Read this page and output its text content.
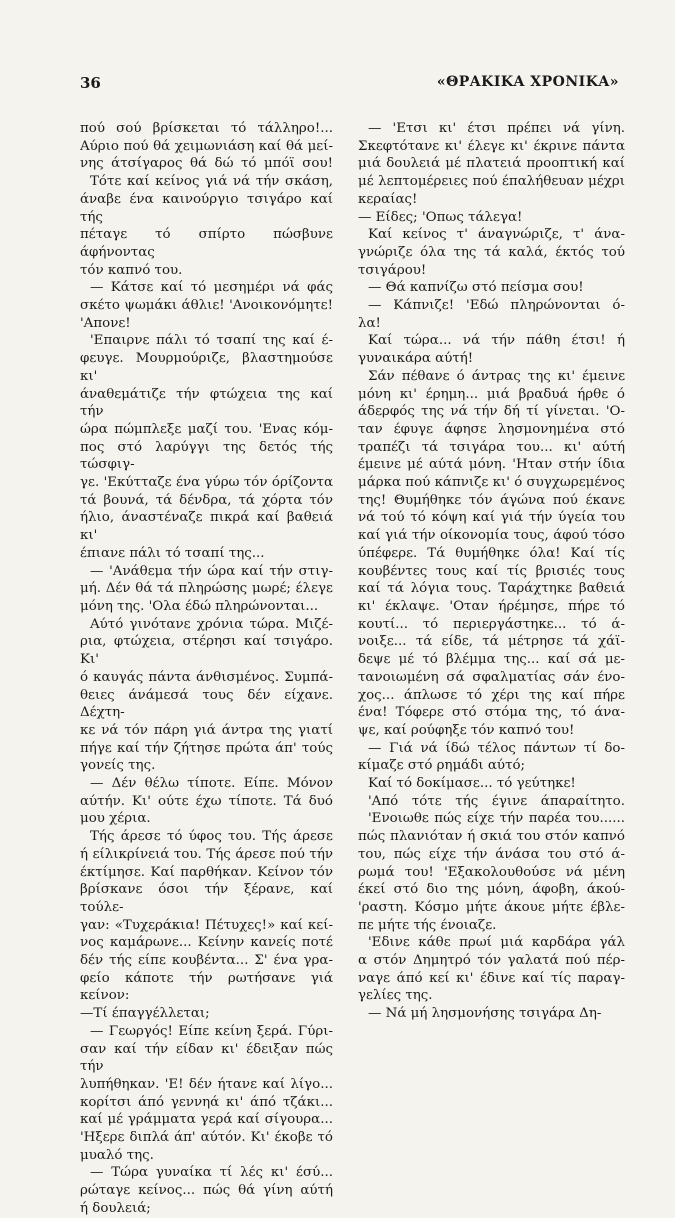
36	«ΘΡΑΚΙΚΑ ΧΡΟΝΙΚΑ»
πού σού βρίσκεται τό τάλληρο!...
Αύριο πού θά χειμωνιάση καί θά μεί-
νης άτσίγαρος θά δώ τό μπόϊ σου!
Τότε καί κείνος γιά νά τήν σκάση,
άναβε ένα καινούργιο τσιγάρο καί τής
πέταγε τό σπίρτο πώσβυνε άφήνοντας
τόν καπνό του.
— Κάτσε καί τό μεσημέρι νά φάς
σκέτο ψωμάκι άθλιε! 'Ανοικονόμητε!
'Απονε!
'Επαιρνε πάλι τό τσαπί της καί έ-
φευγε. Μουρμούριζε, βλαστημούσε κι'
άναθεμάτιζε τήν φτώχεια της καί τήν
ώρα πώμπλεξε μαζί του. 'Ενας κόμ-
πος στό λαρύγγι της δετός τής τώσφιγ-
γε. 'Εκύτταζε ένα γύρω τόν όρίζοντα
τά βουνά, τά δένδρα, τά χόρτα τόν
ήλιο, άναστέναζε πικρά καί βαθειά κι'
έπιανε πάλι τό τσαπί της...
— 'Ανάθεμα τήν ώρα καί τήν στιγ-
μή. Δέν θά τά πληρώσης μωρέ; έλεγε
μόνη της. 'Ολα έδώ πληρώνονται...
Αύτό γινότανε χρόνια τώρα. Μιζέ-
ρια, φτώχεια, στέρησι καί τσιγάρο. Κι'
ό καυγάς πάντα άνθισμένος. Συμπά-
θειες άνάμεσά τους δέν είχανε. Δέχτη-
κε νά τόν πάρη γιά άντρα της γιατί
πήγε καί τήν ζήτησε πρώτα άπ' τούς
γονείς της.
— Δέν θέλω τίποτε. Είπε. Μόνον
αύτήν. Κι' ούτε έχω τίποτε. Τά δυό
μου χέρια.
Τής άρεσε τό ύφος του. Τής άρεσε
ή είλικρίνειά του. Τής άρεσε πού τήν
έκτίμησε. Καί παρθήκαν. Κείνον τόν
βρίσκανε όσοι τήν ξέρανε, καί τούλε-
γαν: «Τυχεράκια! Πέτυχες!» καί κεί-
νος καμάρωνε... Κείνην κανείς ποτέ
δέν τής είπε κουβέντα... Σ' ένα γρα-
φείο κάποτε τήν ρωτήσανε γιά κείνον:
—Τί έπαγγέλλεται;
— Γεωργός! Είπε κείνη ξερά. Γύρι-
σαν καί τήν είδαν κι' έδειξαν πώς τήν
λυπήθηκαν. 'Ε! δέν ήτανε καί λίγο...
κορίτσι άπό γεννηά κι' άπό τζάκι...
καί μέ γράμματα γερά καί σίγουρα...
'Ηξερε διπλά άπ' αύτόν. Κι' έκοβε τό
μυαλό της.
— Τώρα γυναίκα τί λές κι' έσύ...
ρώταγε κείνος... πώς θά γίνη αύτή
ή δουλειά;
— 'Ετσι κι' έτσι πρέπει νά γίνη.
Σκεφτότανε κι' έλεγε κι' έκρινε πάντα
μιά δουλειά μέ πλατειά προοπτική καί
μέ λεπτομέρειες πού έπαλήθευαν μέχρι
κεραίας!
— Είδες; 'Οπως τάλεγα!
Καί κείνος τ' άναγνώριζε, τ' άνα-
γνώριζε όλα της τά καλά, έκτός τού
τσιγάρου!
— Θά καπνίζω στό πείσμα σου!
— Κάπνιζε! 'Εδώ πληρώνονται ό-
λα!
Καί τώρα... νά τήν πάθη έτσι! ή
γυναικάρα αύτή!
Σάν πέθανε ό άντρας της κι' έμεινε
μόνη κι' έρημη... μιά βραδυά ήρθε ό
άδερφός της νά τήν δή τί γίνεται. 'Ο-
ταν έφυγε άφησε λησμονημένα στό
τραπέζι τά τσιγάρα του... κι' αύτή
έμεινε μέ αύτά μόνη. 'Ηταν στήν ίδια
μάρκα πού κάπνιζε κι' ό συγχωρεμένος
της! Θυμήθηκε τόν άγώνα πού έκανε
νά τού τό κόψη καί γιά τήν ύγεία του
καί γιά τήν οίκονομία τους, άφού τόσο
ύπέφερε. Τά θυμήθηκε όλα! Καί τίς
κουβέντες τους καί τίς βρισιές τους
καί τά λόγια τους. Ταράχτηκε βαθειά
κι' έκλαψε. 'Οταν ήρέμησε, πήρε τό
κουτί... τό περιεργάστηκε... τό ά-
νοιξε... τά είδε, τά μέτρησε τά χάϊ-
δεψε μέ τό βλέμμα της... καί σά με-
τανοιωμένη σά σφαλματίας σάν ένο-
χος... άπλωσε τό χέρι της καί πήρε
ένα! Τόφερε στό στόμα της, τό άνα-
ψε, καί ρούφηξε τόν καπνό του!
— Γιά νά ίδώ τέλος πάντων τί δο-
κίμαζε στό ρημάδι αύτό;
Καί τό δοκίμασε... τό γεύτηκε!
'Από τότε τής έγινε άπαραίτητο.
'Ενοιωθε πώς είχε τήν παρέα του......
πώς πλανιόταν ή σκιά του στόν καπνό
του, πώς είχε τήν άνάσα του στό ά-
ρωμά του! 'Εξακολουθούσε νά μένη
έκεί στό διο της μόνη, άφοβη, άκού-
'ραστη. Κόσμο μήτε άκουε μήτε έβλε-
πε μήτε τής ένοιαζε.
'Εδινε κάθε πρωί μιά καρδάρα γάλ
α στόν Δημητρό τόν γαλατά πού πέρ-
ναγε άπό κεί κι' έδινε καί τίς παραγ-
γελίες της.
— Νά μή λησμονήσης τσιγάρα Δη-
